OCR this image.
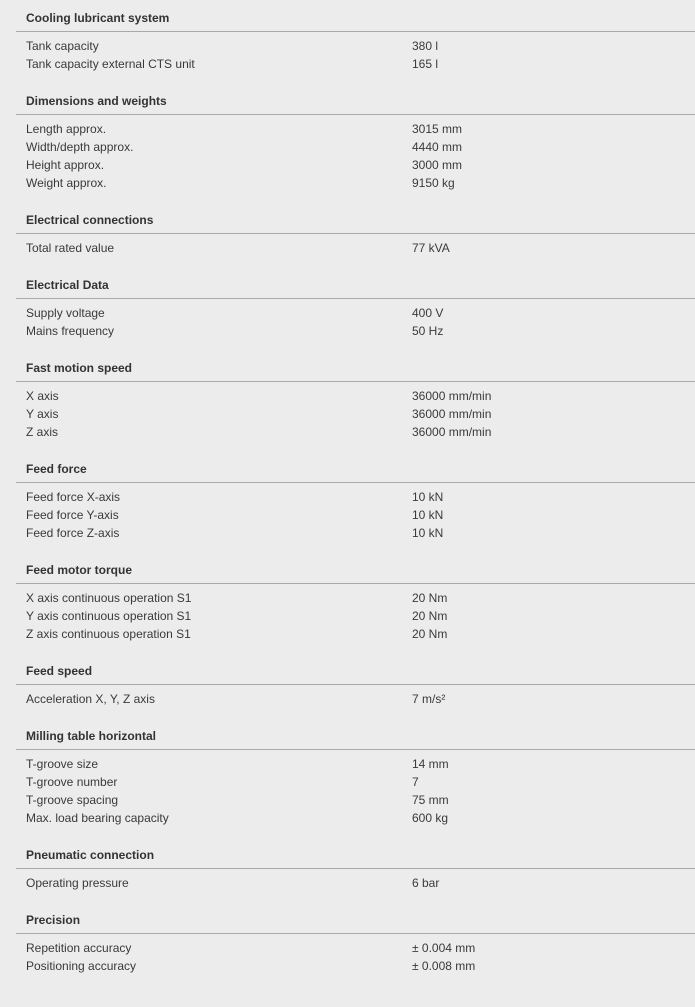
Cooling lubricant system
Tank capacity	380 l
Tank capacity external CTS unit	165 l
Dimensions and weights
Length approx.	3015 mm
Width/depth approx.	4440 mm
Height approx.	3000 mm
Weight approx.	9150 kg
Electrical connections
Total rated value	77 kVA
Electrical Data
Supply voltage	400 V
Mains frequency	50 Hz
Fast motion speed
X axis	36000 mm/min
Y axis	36000 mm/min
Z axis	36000 mm/min
Feed force
Feed force X-axis	10 kN
Feed force Y-axis	10 kN
Feed force Z-axis	10 kN
Feed motor torque
X axis continuous operation S1	20 Nm
Y axis continuous operation S1	20 Nm
Z axis continuous operation S1	20 Nm
Feed speed
Acceleration X, Y, Z axis	7 m/s²
Milling table horizontal
T-groove size	14 mm
T-groove number	7
T-groove spacing	75 mm
Max. load bearing capacity	600 kg
Pneumatic connection
Operating pressure	6 bar
Precision
Repetition accuracy	± 0.004 mm
Positioning accuracy	± 0.008 mm
